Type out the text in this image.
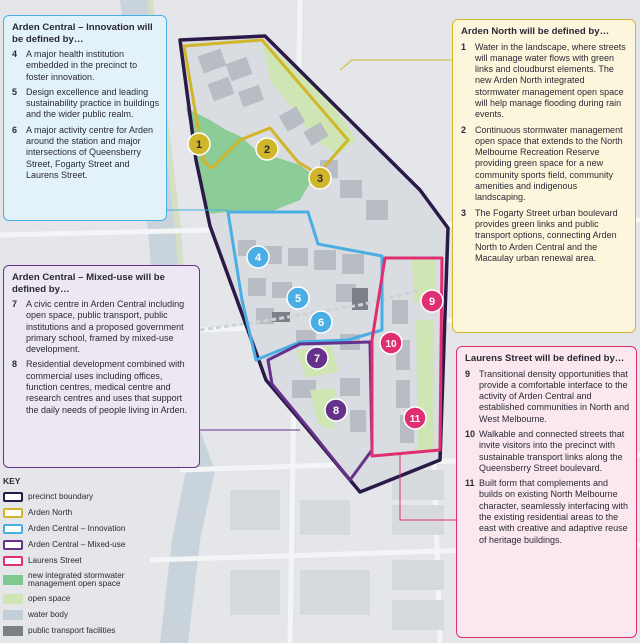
1	2
3
4
5
6
7
8
9
10
11
Arden Central – Innovation will be defined by…
4 A major health institution embedded in the precinct to foster innovation.
5 Design excellence and leading sustainability practice in buildings and the wider public realm.
6 A major activity centre for Arden around the station and major intersections of Queensberry Street, Fogarty Street and Laurens Street.
Arden North will be defined by…
1 Water in the landscape, where streets will manage water flows with green links and cloudburst elements. The new Arden North integrated stormwater management open space will help manage flooding during rain events.
2 Continuous stormwater management open space that extends to the North Melbourne Recreation Reserve providing green space for a new community sports field, community amenities and indigenous landscaping.
3 The Fogarty Street urban boulevard provides green links and public transport options, connecting Arden North to Arden Central and the Macaulay urban renewal area.
Arden Central – Mixed-use will be defined by…
7 A civic centre in Arden Central including open space, public transport, public institutions and a proposed government primary school, framed by mixed-use development.
8 Residential development combined with commercial uses including offices, function centres, medical centre and research centres and uses that support the daily needs of people living in Arden.
Laurens Street will be defined by…
9 Transitional density opportunities that provide a comfortable interface to the activity of Arden Central and established communities in North and West Melbourne.
10 Walkable and connected streets that invite visitors into the precinct with sustainable transport links along the Queensberry Street boulevard.
11 Built form that complements and builds on existing North Melbourne character, seamlessly interfacing with the existing residential areas to the east with creative and adaptive reuse of heritage buildings.
KEY
precinct boundary
Arden North
Arden Central – Innovation
Arden Central – Mixed-use
Laurens Street
new integrated stormwater management open space
open space
water body
public transport facilities
